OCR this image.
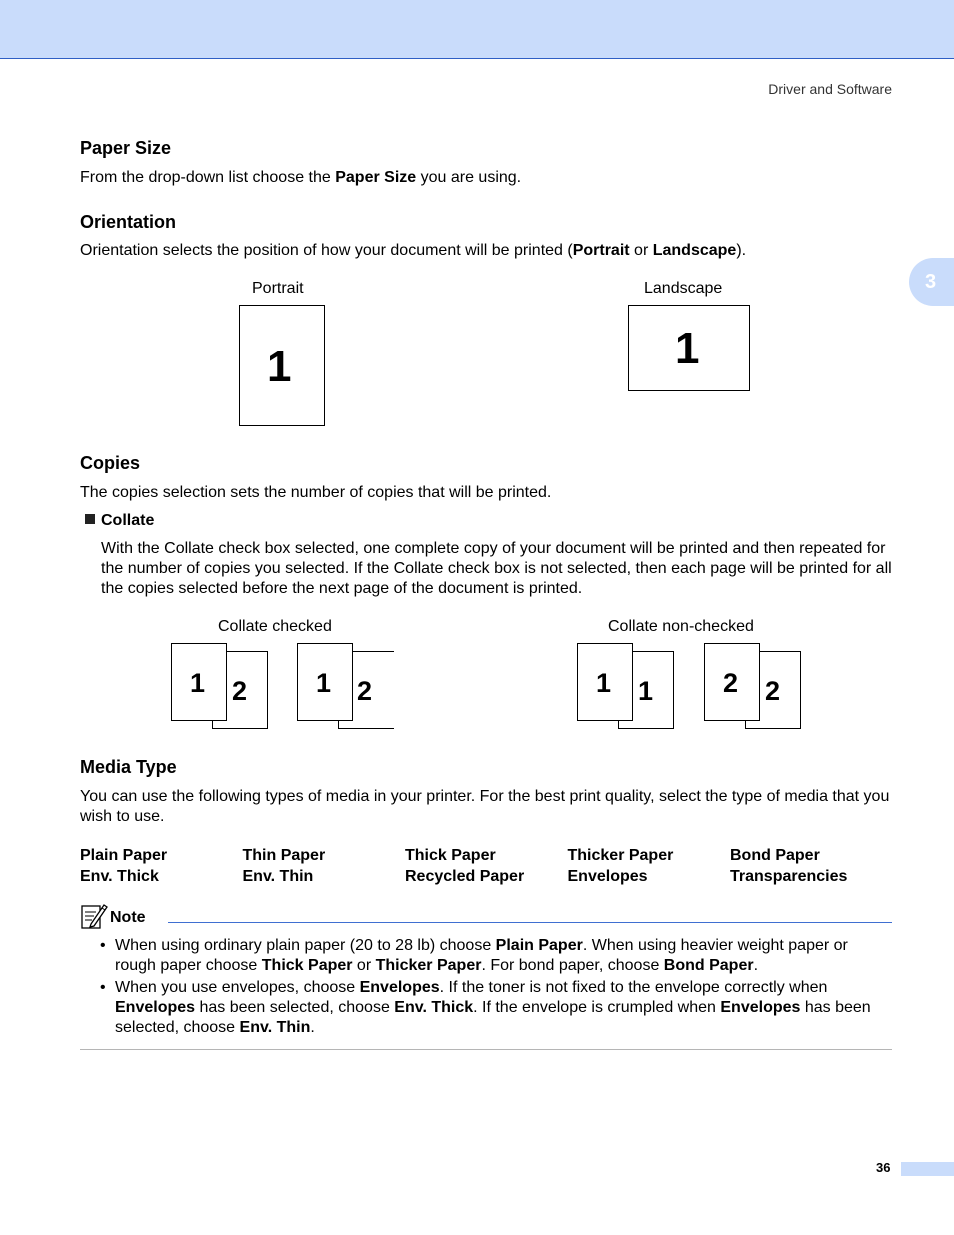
Driver and Software
3
Paper Size

From the drop-down list choose the Paper Size you are using.

Orientation

Orientation selects the position of how your document will be printed (Portrait or Landscape).

Portrait	Landscape
1	1
Copies

The copies selection sets the number of copies that will be printed.

Collate

With the Collate check box selected, one complete copy of your document will be printed and then repeated for the number of copies you selected. If the Collate check box is not selected, then each page will be printed for all the copies selected before the next page of the document is printed.

Collate checked	Collate non-checked
2
1	2
1	1
1	2
2
Media Type

You can use the following types of media in your printer. For the best print quality, select the type of media that you wish to use.

Plain Paper	Thin Paper	Thick Paper	Thicker Paper	Bond Paper
Env. Thick	Env. Thin	Recycled Paper	Envelopes	Transparencies
Note
• When using ordinary plain paper (20 to 28 lb) choose Plain Paper. When using heavier weight paper or rough paper choose Thick Paper or Thicker Paper. For bond paper, choose Bond Paper.
• When you use envelopes, choose Envelopes. If the toner is not fixed to the envelope correctly when Envelopes has been selected, choose Env. Thick. If the envelope is crumpled when Envelopes has been selected, choose Env. Thin.
36
